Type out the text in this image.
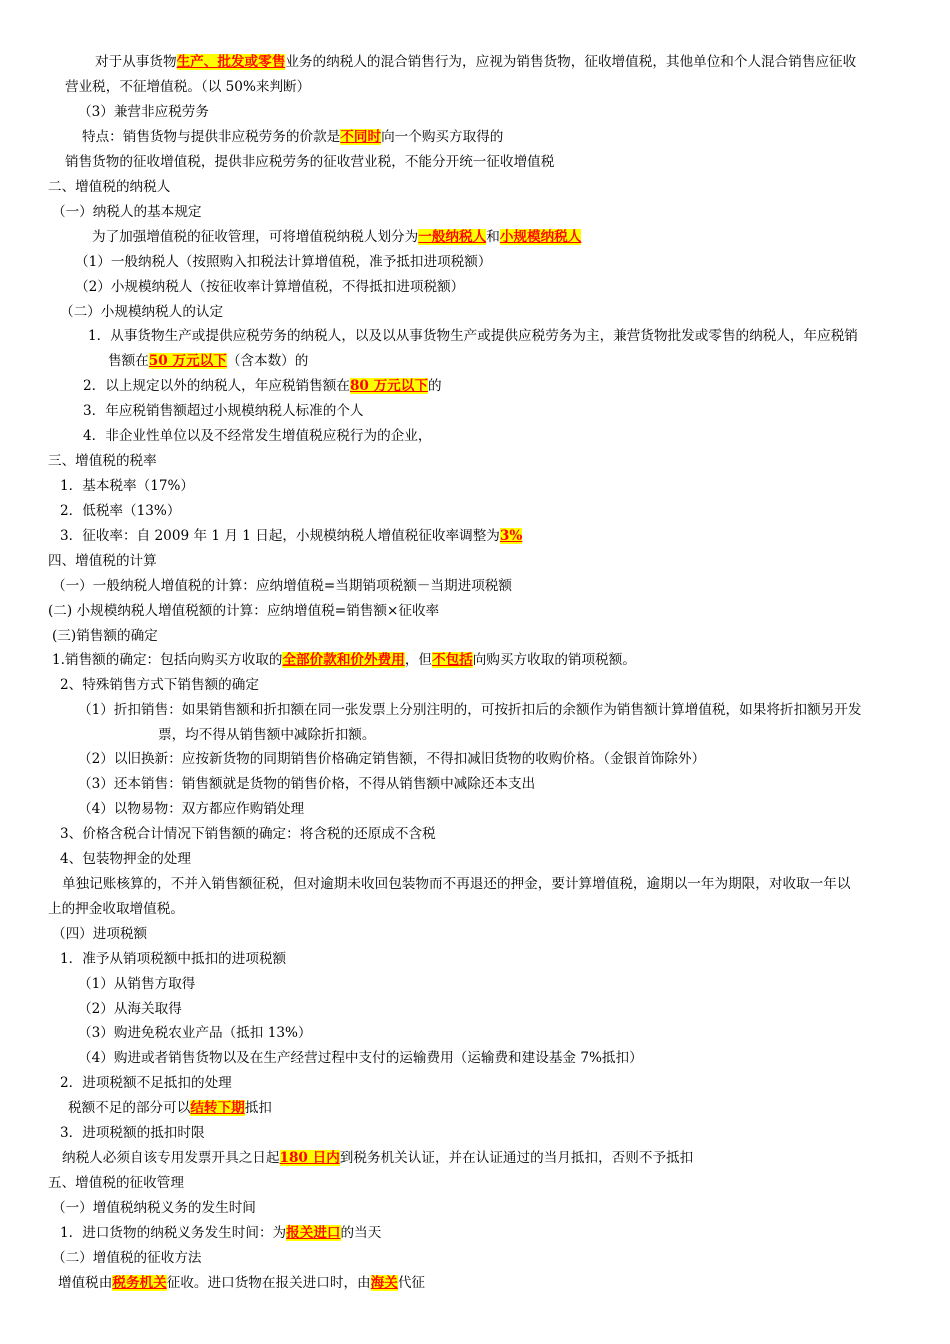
对于从事货物生产、批发或零售业务的纳税人的混合销售行为，应视为销售货物，征收增值税，其他单位和个人混合销售应征收
营业税，不征增值税。（以 50%来判断）
（3）兼营非应税劳务
特点：销售货物与提供非应税劳务的价款是不同时向一个购买方取得的
销售货物的征收增值税，提供非应税劳务的征收营业税，不能分开统一征收增值税
二、增值税的纳税人
（一）纳税人的基本规定
为了加强增值税的征收管理，可将增值税纳税人划分为一般纳税人和小规模纳税人
（1）一般纳税人（按照购入扣税法计算增值税，准予抵扣进项税额）
（2）小规模纳税人（按征收率计算增值税，不得抵扣进项税额）
（二）小规模纳税人的认定
1．从事货物生产或提供应税劳务的纳税人，以及以从事货物生产或提供应税劳务为主，兼营货物批发或零售的纳税人，年应税销
售额在50 万元以下（含本数）的
2．以上规定以外的纳税人，年应税销售额在80 万元以下的
3．年应税销售额超过小规模纳税人标准的个人
4．非企业性单位以及不经常发生增值税应税行为的企业，
三、增值税的税率
1．基本税率（17%）
2．低税率（13%）
3．征收率：自 2009 年 1 月 1 日起，小规模纳税人增值税征收率调整为3%
四、增值税的计算
（一）一般纳税人增值税的计算：应纳增值税=当期销项税额－当期进项税额
(二) 小规模纳税人增值税额的计算：应纳增值税=销售额×征收率
(三)销售额的确定
1.销售额的确定：包括向购买方收取的全部价款和价外费用，但不包括向购买方收取的销项税额。
2、特殊销售方式下销售额的确定
（1）折扣销售：如果销售额和折扣额在同一张发票上分别注明的，可按折扣后的余额作为销售额计算增值税，如果将折扣额另开发
票，均不得从销售额中减除折扣额。
（2）以旧换新：应按新货物的同期销售价格确定销售额，不得扣减旧货物的收购价格。（金银首饰除外）
（3）还本销售：销售额就是货物的销售价格，不得从销售额中减除还本支出
（4）以物易物：双方都应作购销处理
3、价格含税合计情况下销售额的确定：将含税的还原成不含税
4、包装物押金的处理
单独记账核算的，不并入销售额征税，但对逾期未收回包装物而不再退还的押金，要计算增值税，逾期以一年为期限，对收取一年以
上的押金收取增值税。
（四）进项税额
1．准予从销项税额中抵扣的进项税额
（1）从销售方取得
（2）从海关取得
（3）购进免税农业产品（抵扣 13%）
（4）购进或者销售货物以及在生产经营过程中支付的运输费用（运输费和建设基金 7%抵扣）
2．进项税额不足抵扣的处理
税额不足的部分可以结转下期抵扣
3．进项税额的抵扣时限
纳税人必须自该专用发票开具之日起180 日内到税务机关认证，并在认证通过的当月抵扣，否则不予抵扣
五、增值税的征收管理
（一）增值税纳税义务的发生时间
1．进口货物的纳税义务发生时间：为报关进口的当天
（二）增值税的征收方法
增值税由税务机关征收。进口货物在报关进口时，由海关代征
